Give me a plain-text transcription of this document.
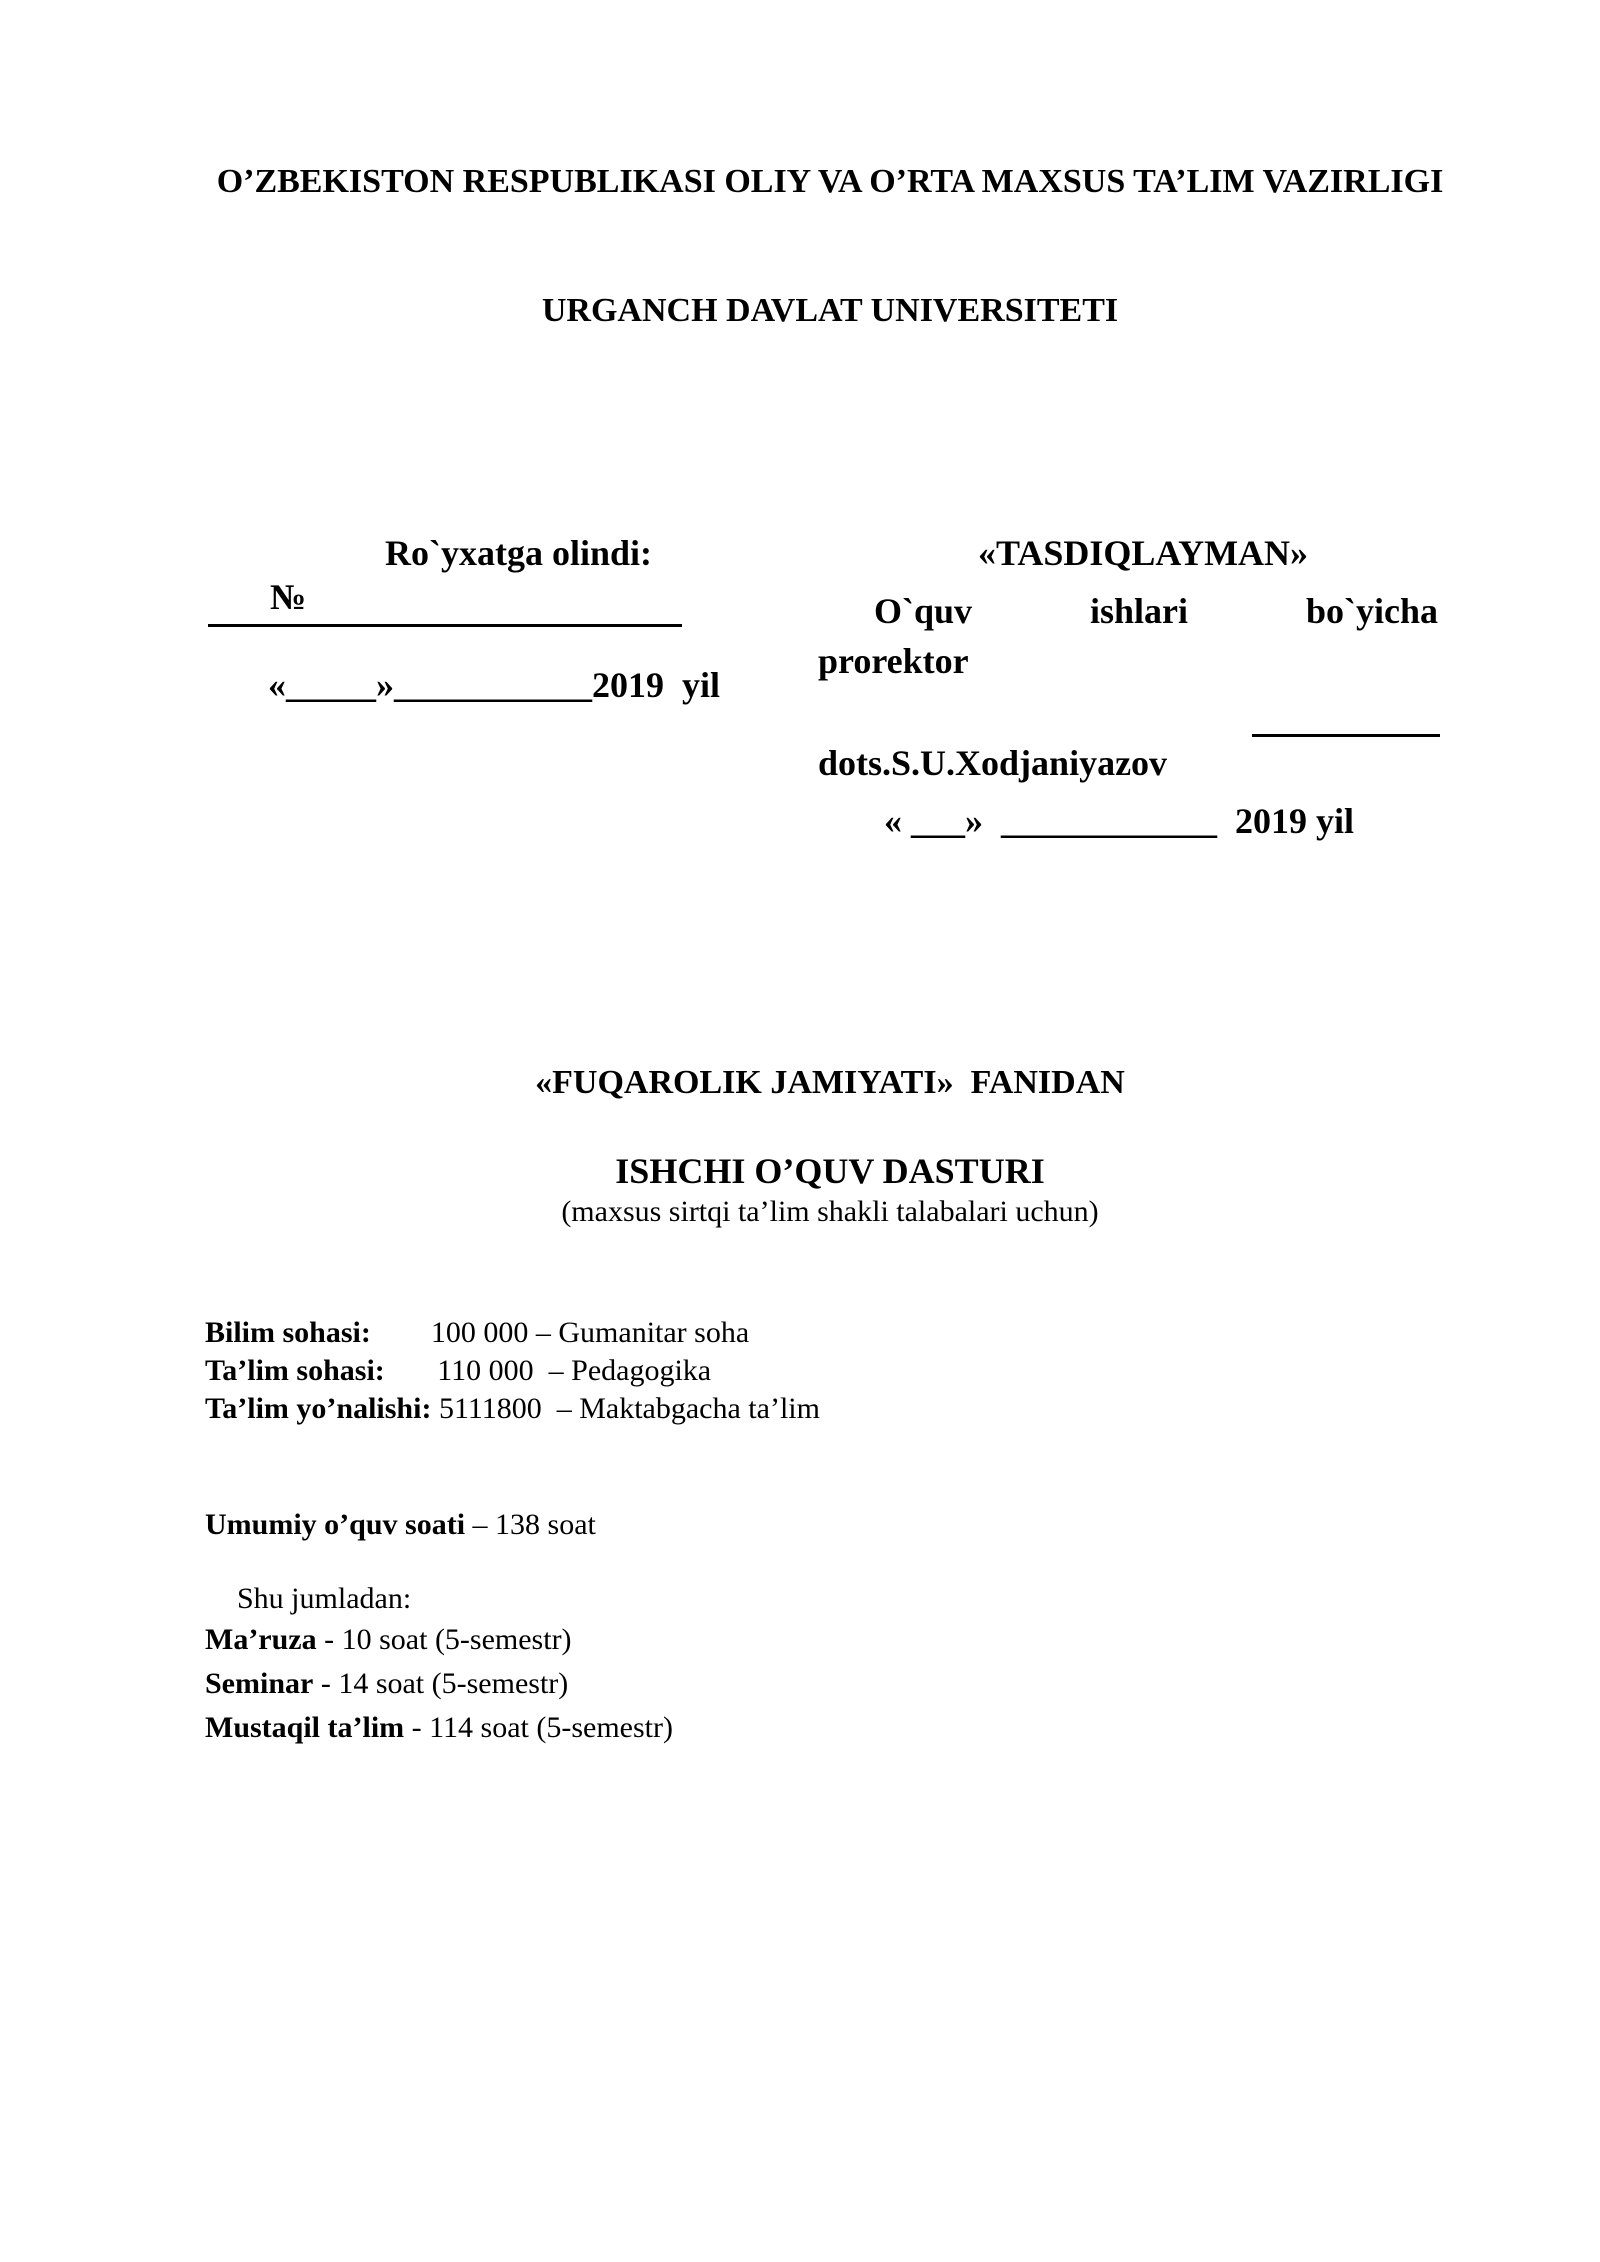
O’ZBEKISTON RESPUBLIKASI OLIY VA O’RTA MAXSUS TA’LIM VAZIRLIGI
URGANCH DAVLAT UNIVERSITETI
Ro`yxatga olindi:
№
«_____»___________2019  yil
«TASDIQLAYMAN»
O`quv	ishlari	bo`yicha
prorektor
dots.S.U.Xodjaniyazov
« ___»  ____________  2019 yil
«FUQAROLIK JAMIYATI»  FANIDAN
ISHCHI O’QUV DASTURI
(maxsus sirtqi ta’lim shakli talabalari uchun)
Bilim sohasi:        100 000 – Gumanitar soha
Ta’lim sohasi:       110 000  – Pedagogika
Ta’lim yo’nalishi: 5111800  – Maktabgacha ta’lim
Umumiy o’quv soati – 138 soat
Shu jumladan:
Ma’ruza - 10 soat (5-semestr)
Seminar - 14 soat (5-semestr)
Mustaqil ta’lim - 114 soat (5-semestr)
